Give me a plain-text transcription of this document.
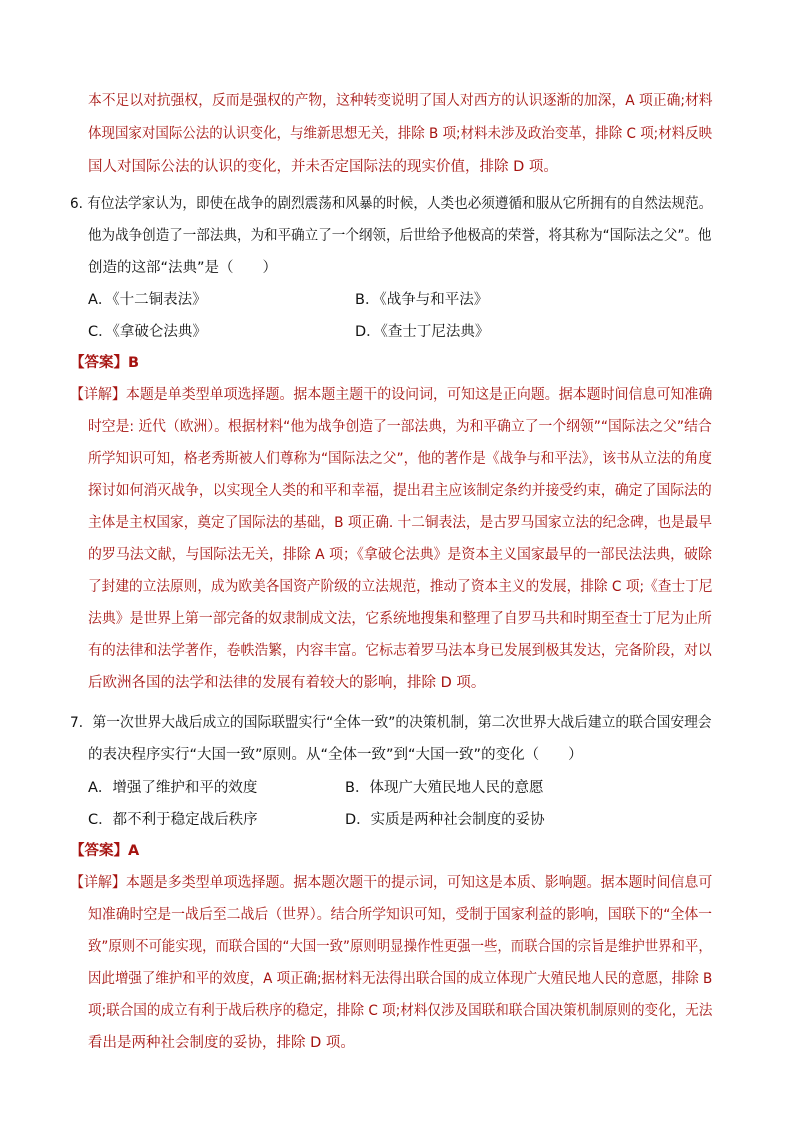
本不足以对抗强权，反而是强权的产物，这种转变说明了国人对西方的认识逐渐的加深，A 项正确;材料
体现国家对国际公法的认识变化，与维新思想无关，排除 B 项;材料未涉及政治变革，排除 C 项;材料反映
国人对国际公法的认识的变化，并未否定国际法的现实价值，排除 D 项。
6. 有位法学家认为，即使在战争的剧烈震荡和风暴的时候，人类也必须遵循和服从它所拥有的自然法规范。
他为战争创造了一部法典，为和平确立了一个纲领，后世给予他极高的荣誉，将其称为“国际法之父”。他
创造的这部“法典”是（　　）
A．《十二铜表法》	B．《战争与和平法》
C．《拿破仑法典》	D．《查士丁尼法典》
【答案】B
【详解】本题是单类型单项选择题。据本题主题干的设问词，可知这是正向题。据本题时间信息可知准确
时空是: 近代（欧洲）。根据材料“他为战争创造了一部法典，为和平确立了一个纲领”“国际法之父”结合
所学知识可知，格老秀斯被人们尊称为“国际法之父”，他的著作是《战争与和平法》，该书从立法的角度
探讨如何消灭战争，以实现全人类的和平和幸福，提出君主应该制定条约并接受约束，确定了国际法的
主体是主权国家，奠定了国际法的基础，B 项正确. 十二铜表法，是古罗马国家立法的纪念碑，也是最早
的罗马法文献，与国际法无关，排除 A 项；《拿破仑法典》是资本主义国家最早的一部民法法典，破除
了封建的立法原则，成为欧美各国资产阶级的立法规范，推动了资本主义的发展，排除 C 项;《查士丁尼
法典》是世界上第一部完备的奴隶制成文法，它系统地搜集和整理了自罗马共和时期至查士丁尼为止所
有的法律和法学著作，卷帙浩繁，内容丰富。它标志着罗马法本身已发展到极其发达，完备阶段，对以
后欧洲各国的法学和法律的发展有着较大的影响，排除 D 项。
7．第一次世界大战后成立的国际联盟实行“全体一致”的决策机制，第二次世界大战后建立的联合国安理会
的表决程序实行“大国一致”原则。从“全体一致”到“大国一致”的变化（　　）
A．增强了维护和平的效度	B．体现广大殖民地人民的意愿
C．都不利于稳定战后秩序	D．实质是两种社会制度的妥协
【答案】A
【详解】本题是多类型单项选择题。据本题次题干的提示词，可知这是本质、影响题。据本题时间信息可
知准确时空是一战后至二战后（世界）。结合所学知识可知，受制于国家利益的影响，国联下的“全体一
致”原则不可能实现，而联合国的“大国一致”原则明显操作性更强一些，而联合国的宗旨是维护世界和平，
因此增强了维护和平的效度，A 项正确;据材料无法得出联合国的成立体现广大殖民地人民的意愿，排除 B
项;联合国的成立有利于战后秩序的稳定，排除 C 项;材料仅涉及国联和联合国决策机制原则的变化，无法
看出是两种社会制度的妥协，排除 D 项。
